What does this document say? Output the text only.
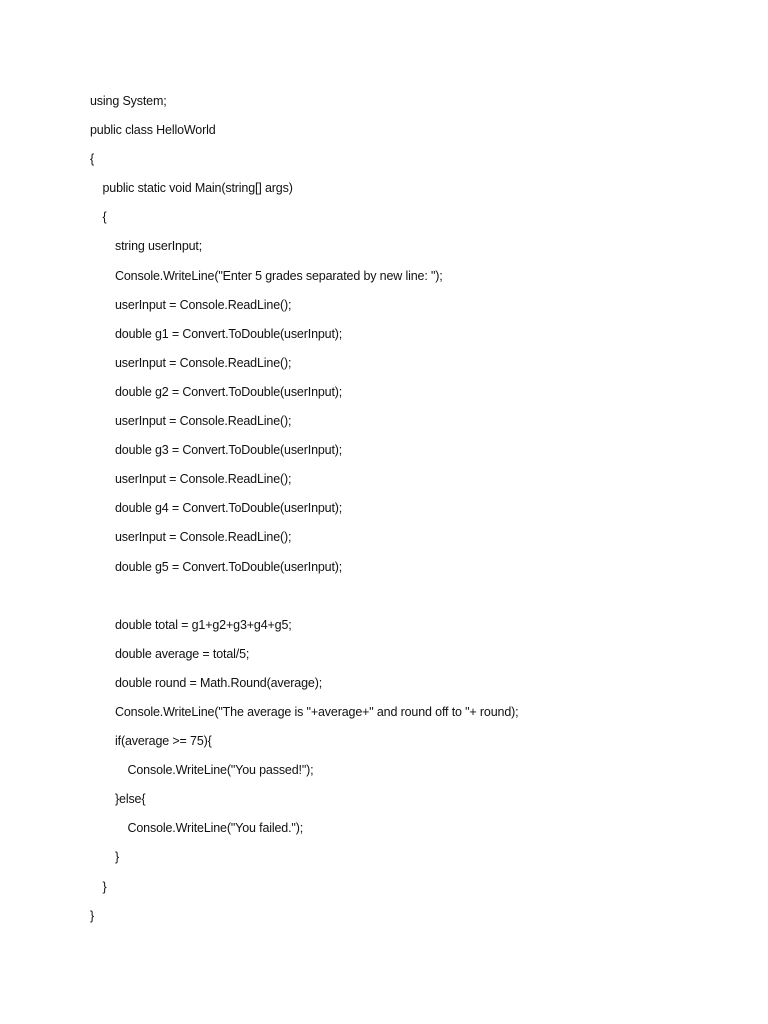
using System;
public class HelloWorld
{
public static void Main(string[] args)
{
string userInput;
Console.WriteLine("Enter 5 grades separated by new line: ");
userInput = Console.ReadLine();
double g1 = Convert.ToDouble(userInput);
userInput = Console.ReadLine();
double g2 = Convert.ToDouble(userInput);
userInput = Console.ReadLine();
double g3 = Convert.ToDouble(userInput);
userInput = Console.ReadLine();
double g4 = Convert.ToDouble(userInput);
userInput = Console.ReadLine();
double g5 = Convert.ToDouble(userInput);
double total = g1+g2+g3+g4+g5;
double average = total/5;
double round = Math.Round(average);
Console.WriteLine("The average is "+average+" and round off to "+ round);
if(average >= 75){
Console.WriteLine("You passed!");
}else{
Console.WriteLine("You failed.");
}
}
}
